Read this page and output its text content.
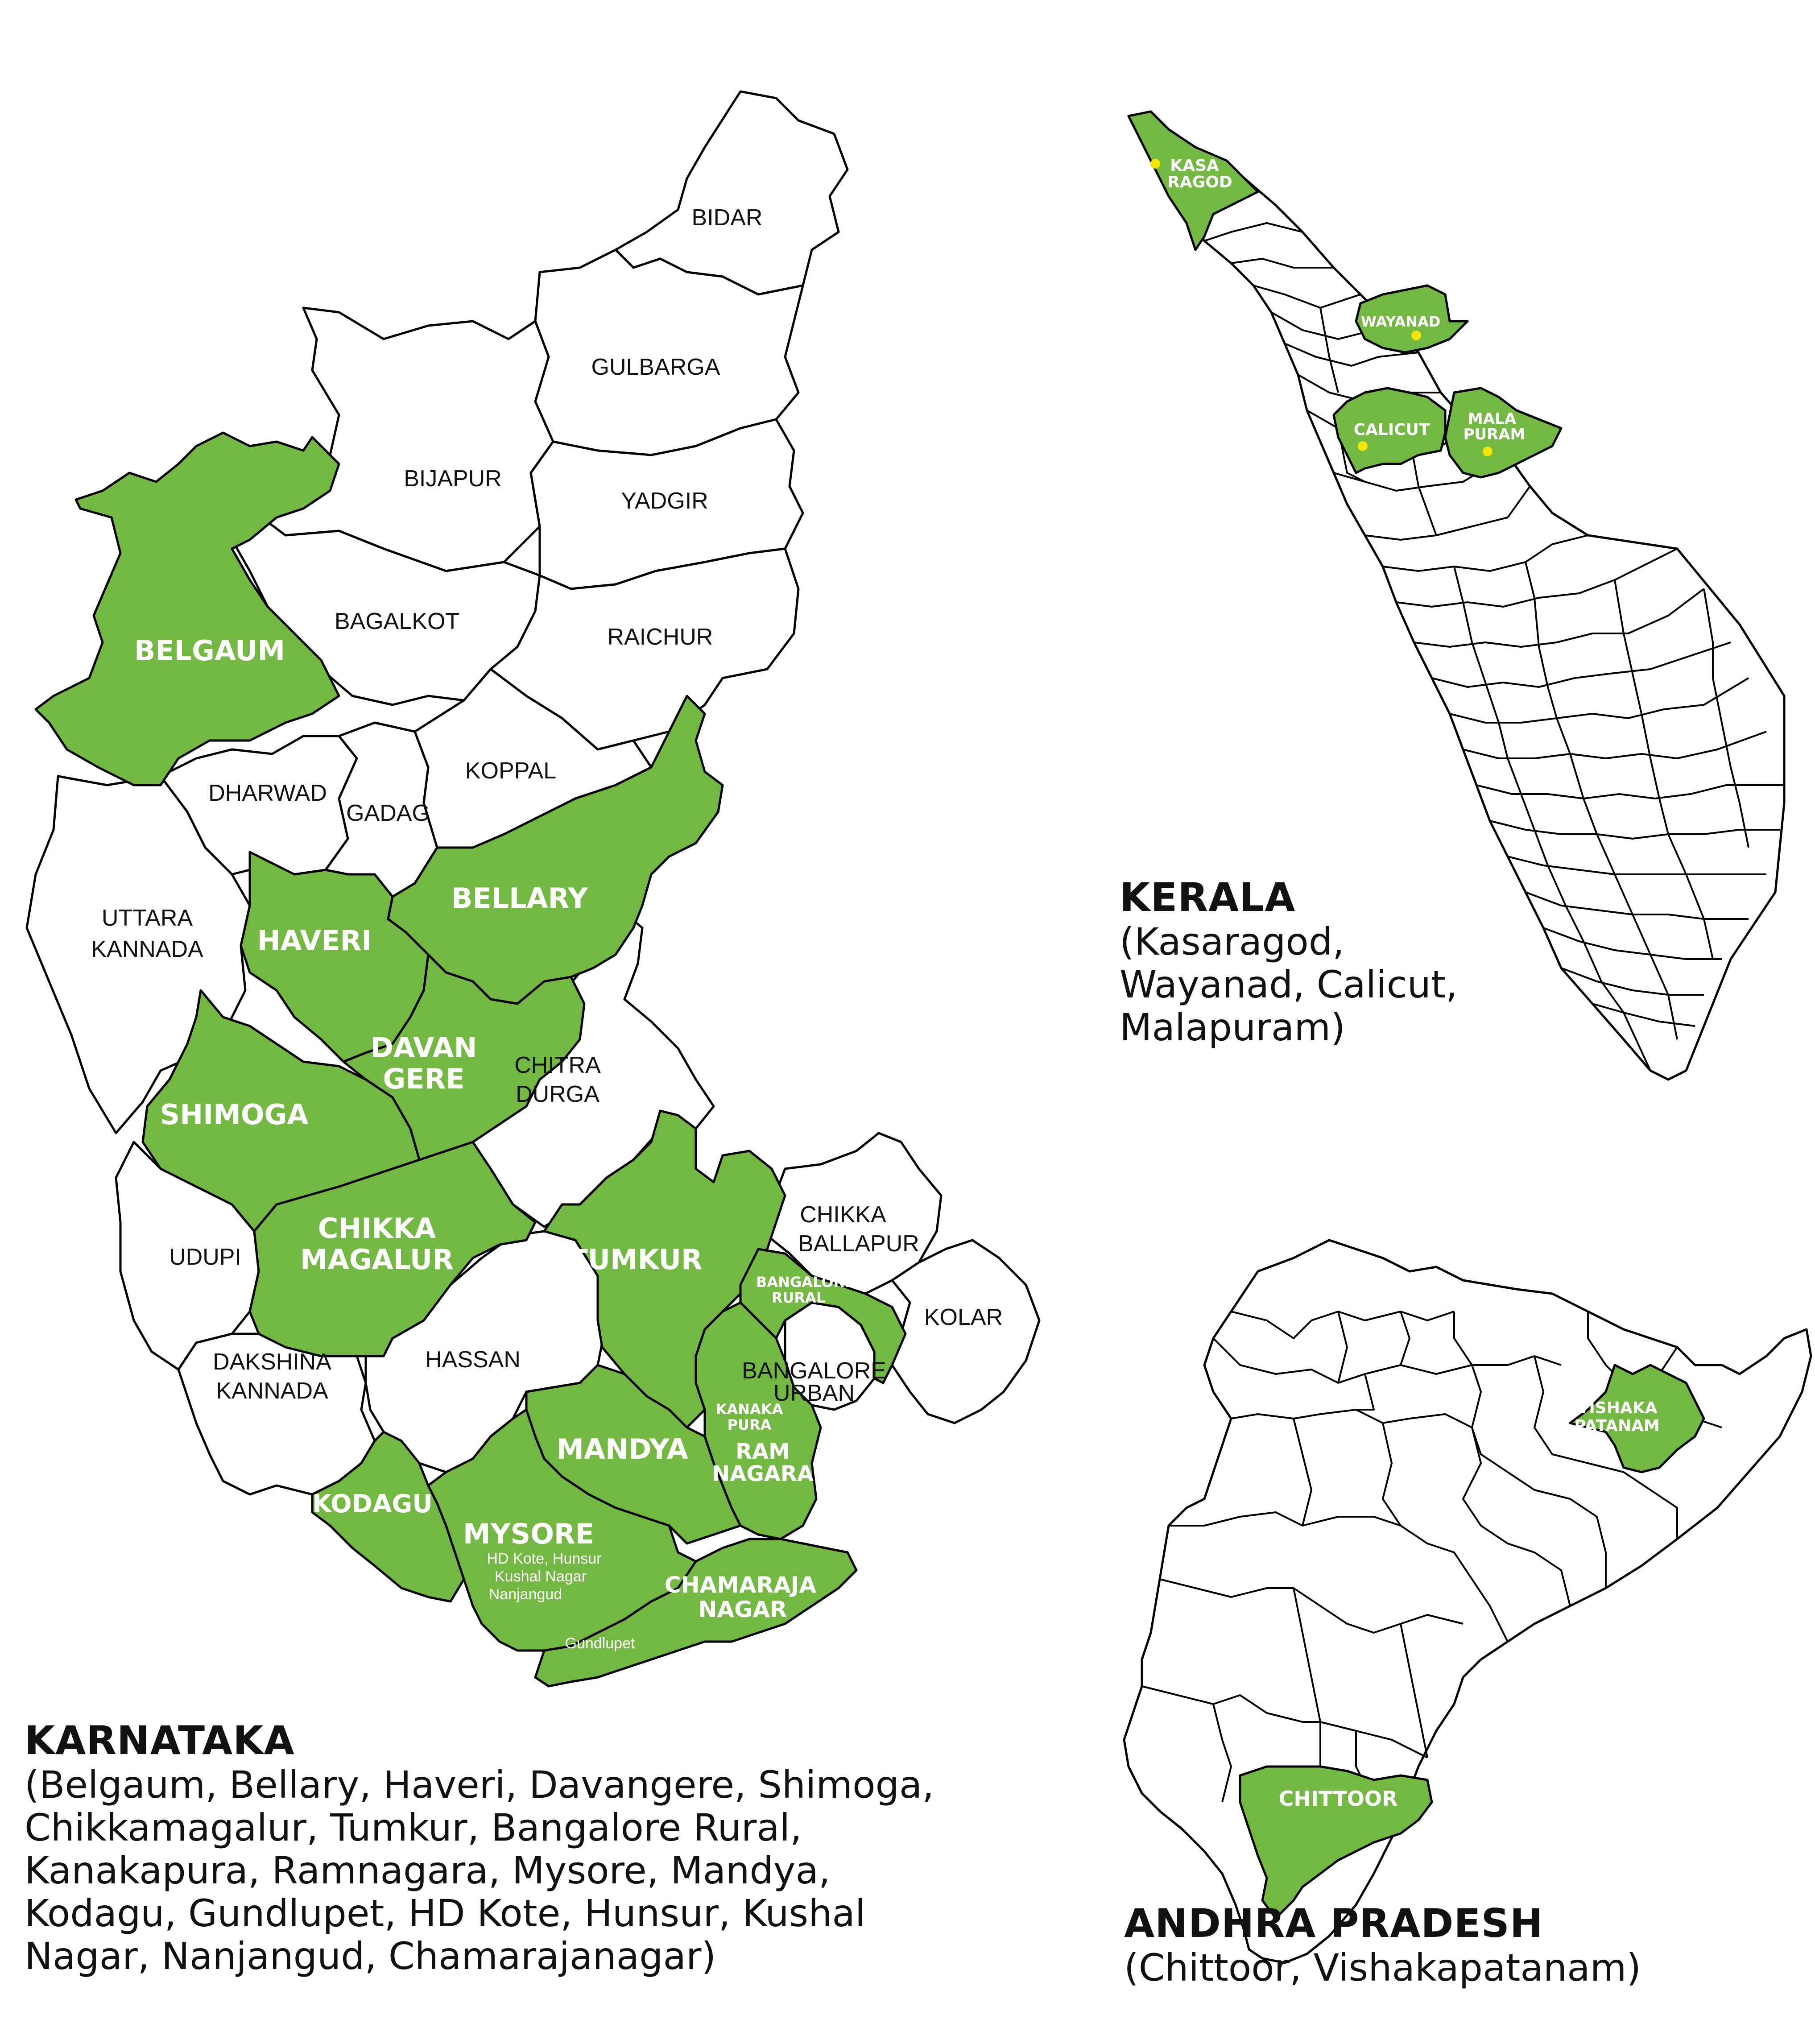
BIDAR
GULBARGA
BIJAPUR
YADGIR
BAGALKOT
RAICHUR
BELGAUM
DHARWAD
GADAG
KOPPAL
BELLARY
UTTARA
KANNADA HAVERI
DAVAN
GERE CHITRA
DURGA
SHIMOGA
CHIKKA
MAGALUR
UDUPI	TUMKUR
CHIKKA
BALLAPUR
BANGALORE
RURAL
KOLAR
DAKSHINA
KANNADA
HASSAN	BANGALORE
URBAN
KANAKA
PURA
RAM
NAGARA
MANDYA
KODAGU
MYSORE
HD Kote, Hunsur
Kushal Nagar
Nanjangud	CHAMARAJA
NAGAR
Gundlupet
KASA
RAGOD
WAYANAD
CALICUT
MALA
PURAM
VISHAKA
PATANAM
CHITTOOR
KARNATAKA
(Belgaum, Bellary, Haveri, Davangere, Shimoga, Chikkamagalur, Tumkur, Bangalore Rural, Kanakapura, Ramnagara, Mysore, Mandya, Kodagu, Gundlupet, HD Kote, Hunsur, Kushal Nagar, Nanjangud, Chamarajanagar)
KERALA
(Kasaragod,
Wayanad, Calicut,
Malapuram)
ANDHRA PRADESH
(Chittoor, Vishakapatanam)
